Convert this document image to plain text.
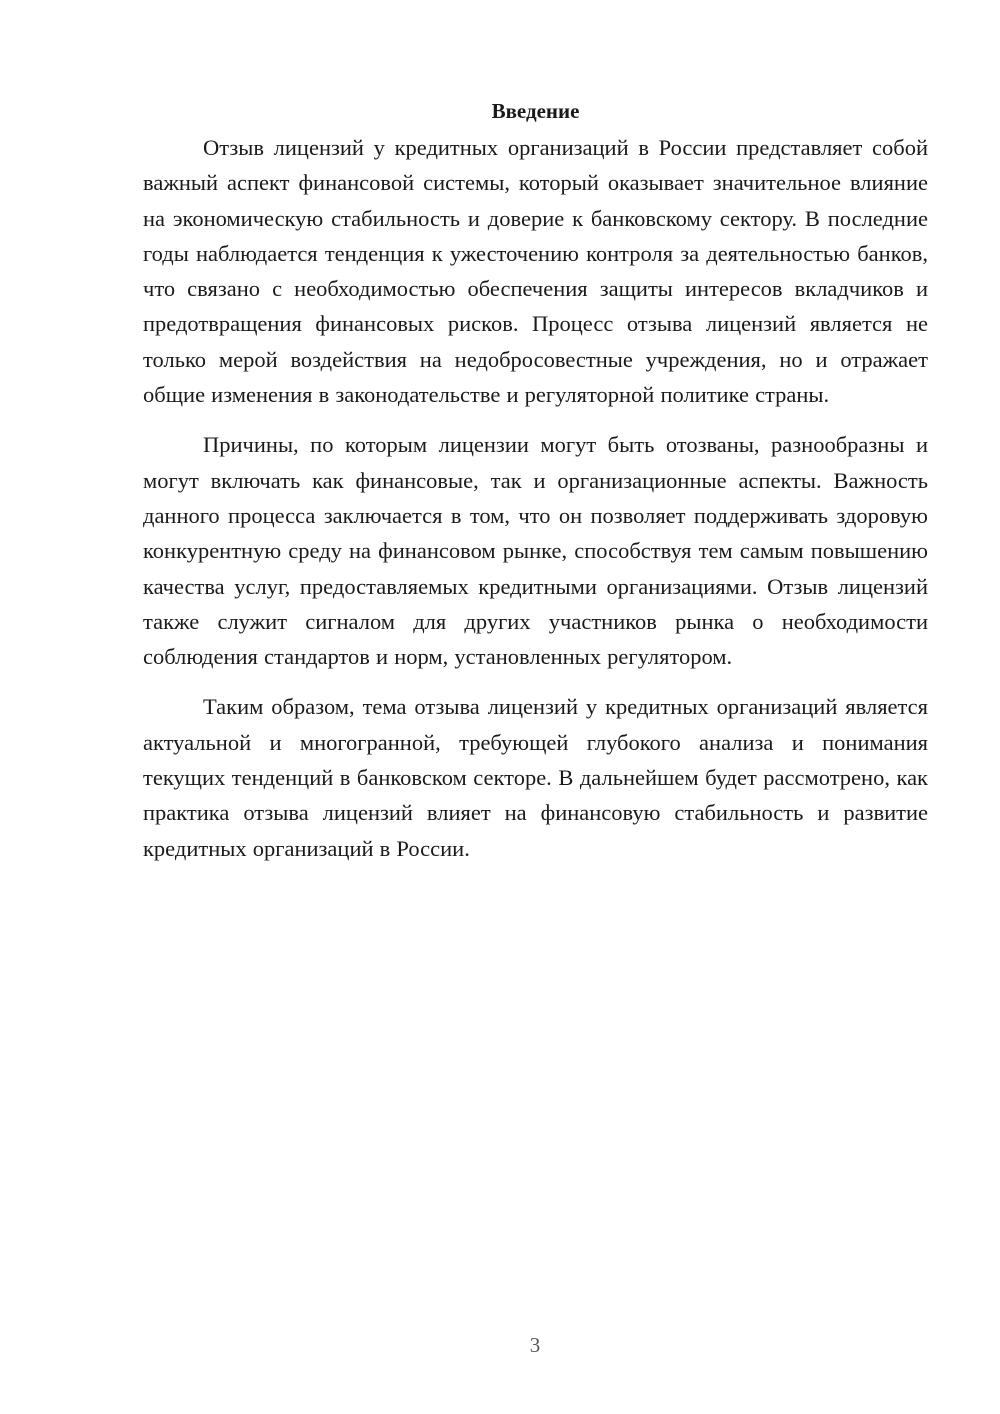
Введение

Отзыв лицензий у кредитных организаций в России представляет собой важный аспект финансовой системы, который оказывает значительное влияние на экономическую стабильность и доверие к банковскому сектору. В последние годы наблюдается тенденция к ужесточению контроля за деятельностью банков, что связано с необходимостью обеспечения защиты интересов вкладчиков и предотвращения финансовых рисков. Процесс отзыва лицензий является не только мерой воздействия на недобросовестные учреждения, но и отражает общие изменения в законодательстве и регуляторной политике страны.

Причины, по которым лицензии могут быть отозваны, разнообразны и могут включать как финансовые, так и организационные аспекты. Важность данного процесса заключается в том, что он позволяет поддерживать здоровую конкурентную среду на финансовом рынке, способствуя тем самым повышению качества услуг, предоставляемых кредитными организациями. Отзыв лицензий также служит сигналом для других участников рынка о необходимости соблюдения стандартов и норм, установленных регулятором.

Таким образом, тема отзыва лицензий у кредитных организаций является актуальной и многогранной, требующей глубокого анализа и понимания текущих тенденций в банковском секторе. В дальнейшем будет рассмотрено, как практика отзыва лицензий влияет на финансовую стабильность и развитие кредитных организаций в России.

3
